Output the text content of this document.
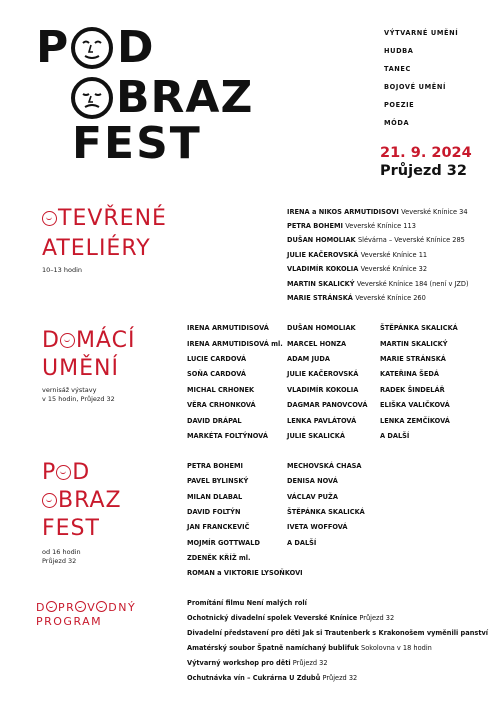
P D
BRAZ
FEST
VÝTVARNÉ UMĚNÍ
HUDBA
TANEC
BOJOVÉ UMĚNÍ
POEZIE
MÓDA
21. 9. 2024
Průjezd 32
TEVŘENÉ
ATELIÉRY
10–13 hodin
IRENA a NIKOS ARMUTIDISOVI Veverské Knínice 34
PETRA BOHEMI Veverské Knínice 113
DUŠAN HOMOLIAK Slévárna – Veverské Knínice 285
JULIE KAČEROVSKÁ Veverské Knínice 11
VLADIMÍR KOKOLIA Veverské Knínice 32
MARTIN SKALICKÝ Veverské Knínice 184 (není v JZD)
MARIE STRÁNSKÁ Veverské Knínice 260
D MÁCÍ
UMĚNÍ
vernisáž výstavy
v 15 hodin, Průjezd 32
IRENA ARMUTIDISOVÁ
IRENA ARMUTIDISOVÁ ml.
LUCIE CARDOVÁ
SOŇA CARDOVÁ
MICHAL CRHONEK
VĚRA CRHONKOVÁ
DAVID DRÁPAL
MARKÉTA FOLTÝNOVÁ
DUŠAN HOMOLIAK
MARCEL HONZA
ADAM JUDA
JULIE KAČEROVSKÁ
VLADIMÍR KOKOLIA
DAGMAR PANOVCOVÁ
LENKA PAVLÁTOVÁ
JULIE SKALICKÁ
ŠTĚPÁNKA SKALICKÁ
MARTIN SKALICKÝ
MARIE STRÁNSKÁ
KATEŘINA ŠEDÁ
RADEK ŠINDELÁŘ
ELIŠKA VALIČKOVÁ
LENKA ZEMČÍKOVÁ
A DALŠÍ
P D
BRAZ
FEST
od 16 hodin
Průjezd 32
PETRA BOHEMI
PAVEL BYLINSKÝ
MILAN DLABAL
DAVID FOLTÝN
JAN FRANCKEVIČ
MOJMÍR GOTTWALD
ZDENĚK KŘÍŽ ml.
ROMAN a VIKTORIE LYSOŇKOVI
MECHOVSKÁ CHASA
DENISA NOVÁ
VÁCLAV PUŽA
ŠTĚPÁNKA SKALICKÁ
IVETA WOFFOVÁ
A DALŠÍ
D PR V DNÝ
PROGRAM
Promítání filmu Není malých rolí
Ochotnický divadelní spolek Veverské Knínice Průjezd 32
Divadelní představení pro děti Jak si Trautenberk s Krakonošem vyměnili panství
Amatérský soubor Špatně namíchaný bublifuk Sokolovna v 18 hodin
Výtvarný workshop pro děti Průjezd 32
Ochutnávka vín – Cukrárna U Zdubů Průjezd 32
